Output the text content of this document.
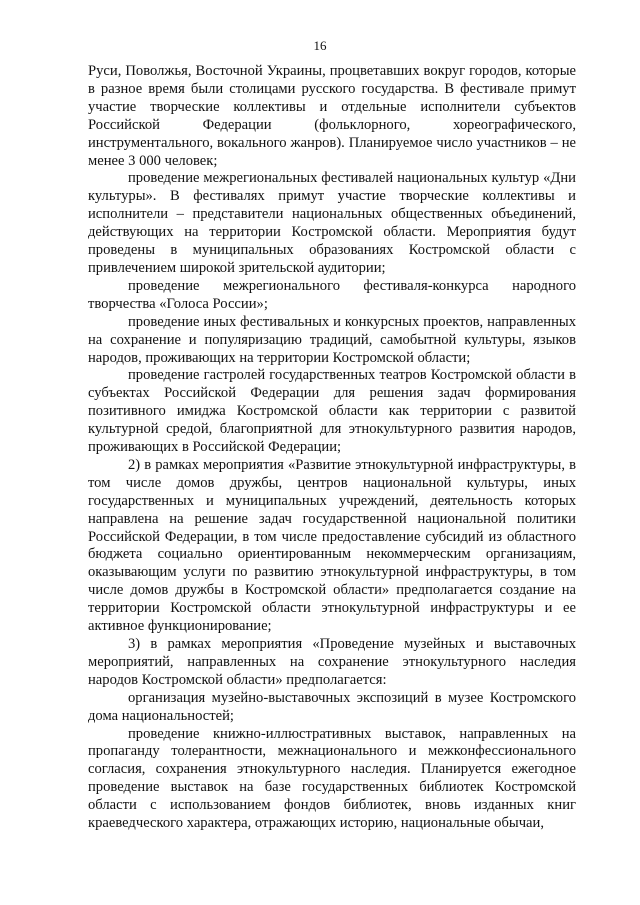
16

Руси, Поволжья, Восточной Украины, процветавших вокруг городов, которые в разное время были столицами русского государства. В фестивале примут участие творческие коллективы и отдельные исполнители субъектов Российской Федерации (фольклорного, хореографического, инструментального, вокального жанров). Планируемое число участников – не менее 3 000 человек;

проведение межрегиональных фестивалей национальных культур «Дни культуры». В фестивалях примут участие творческие коллективы и исполнители – представители национальных общественных объединений, действующих на территории Костромской области. Мероприятия будут проведены в муниципальных образованиях Костромской области с привлечением широкой зрительской аудитории;

проведение межрегионального фестиваля-конкурса народного творчества «Голоса России»;

проведение иных фестивальных и конкурсных проектов, направленных на сохранение и популяризацию традиций, самобытной культуры, языков народов, проживающих на территории Костромской области;

проведение гастролей государственных театров Костромской области в субъектах Российской Федерации для решения задач формирования позитивного имиджа Костромской области как территории с развитой культурной средой, благоприятной для этнокультурного развития народов, проживающих в Российской Федерации;

2) в рамках мероприятия «Развитие этнокультурной инфраструктуры, в том числе домов дружбы, центров национальной культуры, иных государственных и муниципальных учреждений, деятельность которых направлена на решение задач государственной национальной политики Российской Федерации, в том числе предоставление субсидий из областного бюджета социально ориентированным некоммерческим организациям, оказывающим услуги по развитию этнокультурной инфраструктуры, в том числе домов дружбы в Костромской области» предполагается создание на территории Костромской области этнокультурной инфраструктуры и ее активное функционирование;

3) в рамках мероприятия «Проведение музейных и выставочных мероприятий, направленных на сохранение этнокультурного наследия народов Костромской области» предполагается:

организация музейно-выставочных экспозиций в музее Костромского дома национальностей;

проведение книжно-иллюстративных выставок, направленных на пропаганду толерантности, межнационального и межконфессионального согласия, сохранения этнокультурного наследия. Планируется ежегодное проведение выставок на базе государственных библиотек Костромской области с использованием фондов библиотек, вновь изданных книг краеведческого характера, отражающих историю, национальные обычаи,
